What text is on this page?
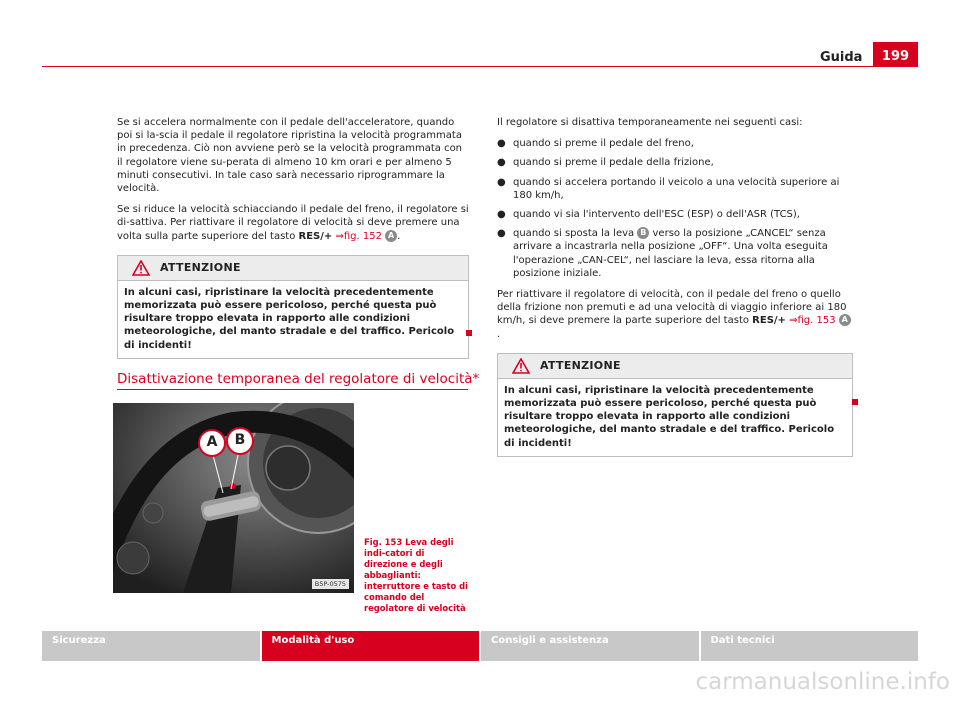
199
Guida

Se si accelera normalmente con il pedale dell'acceleratore, quando poi si la-scia il pedale il regolatore ripristina la velocità programmata in precedenza. Ciò non avviene però se la velocità programmata con il regolatore viene su-perata di almeno 10 km orari e per almeno 5 minuti consecutivi. In tale caso sarà necessario riprogrammare la velocità.

Se si riduce la velocità schiacciando il pedale del freno, il regolatore si di-sattiva. Per riattivare il regolatore di velocità si deve premere una volta sulla parte superiore del tasto RES/+ ⇒fig. 152 A .

ATTENZIONE
In alcuni casi, ripristinare la velocità precedentemente memorizzata può essere pericoloso, perché questa può risultare troppo elevata in rapporto alle condizioni meteorologiche, del manto stradale e del traffico. Pericolo di incidenti!
Disattivazione temporanea del regolatore di velocità*
A B
B5P-0575
Fig. 153 Leva degli indi-catori di direzione e degli abbaglianti: interruttore e tasto di comando del regolatore di velocità

Il regolatore si disattiva temporaneamente nei seguenti casi:

● quando si preme il pedale del freno,
● quando si preme il pedale della frizione,
● quando si accelera portando il veicolo a una velocità superiore ai 180 km/h,
● quando vi sia l'intervento dell'ESC (ESP) o dell'ASR (TCS),
● quando si sposta la leva B verso la posizione „CANCEL“ senza arrivare a incastrarla nella posizione „OFF“. Una volta eseguita l'operazione „CAN-CEL“, nel lasciare la leva, essa ritorna alla posizione iniziale.

Per riattivare il regolatore di velocità, con il pedale del freno o quello della frizione non premuti e ad una velocità di viaggio inferiore ai 180 km/h, si deve premere la parte superiore del tasto RES/+ ⇒fig. 153 A.

ATTENZIONE
In alcuni casi, ripristinare la velocità precedentemente memorizzata può essere pericoloso, perché questa può risultare troppo elevata in rapporto alle condizioni meteorologiche, del manto stradale e del traffico. Pericolo di incidenti!
Sicurezza	Modalità d'uso	Consigli e assistenza	Dati tecnici
carmanualsonline.info
